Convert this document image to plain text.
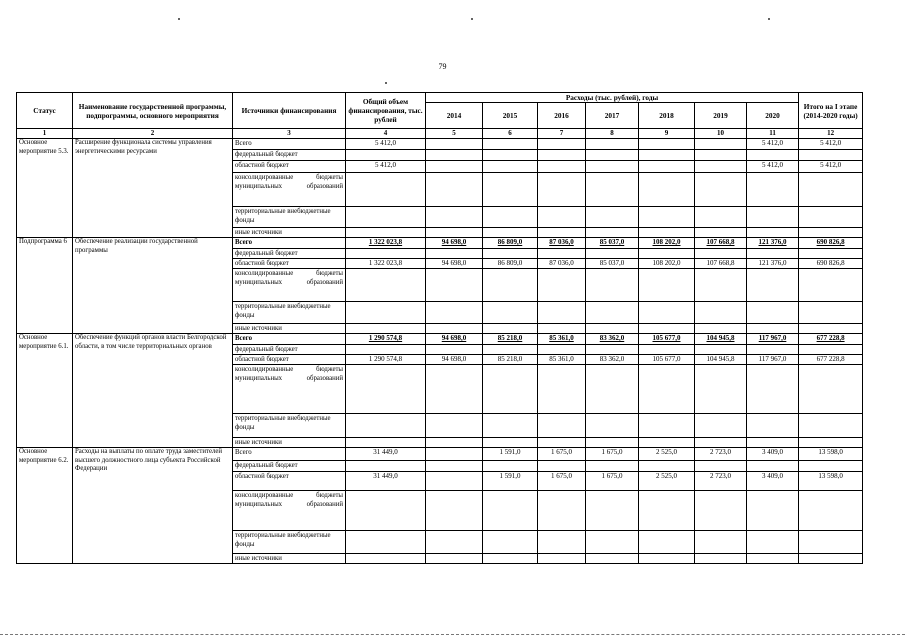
79
Статус	Наименование государственной программы, подпрограммы, основного мероприятия	Источники финансирования	Общий объем финансирования, тыс. рублей	Расходы (тыс. рублей), годы							Итого на I этапе (2014-2020 годы)
				2014	2015	2016	2017	2018	2019	2020	
1	2	3	4	5	6	7	8	9	10	11	12
Основное мероприятие 5.3.	Расширение функционала системы управления энергетическими ресурсами	Всего	5 412,0							5 412,0	5 412,0
		федеральный бюджет									
		областной бюджет	5 412,0							5 412,0	5 412,0
		консолидированные бюджеты муниципальных образований									
		территориальные внебюджетные фонды									
		иные источники									
Подпрограмма 6	Обеспечение реализации государственной программы	Всего	1 322 023,8	94 698,0	86 809,0	87 036,0	85 037,0	108 202,0	107 668,8	121 376,0	690 826,8
		федеральный бюджет									
		областной бюджет	1 322 023,8	94 698,0	86 809,0	87 036,0	85 037,0	108 202,0	107 668,8	121 376,0	690 826,8
		консолидированные бюджеты муниципальных образований									
		территориальные внебюджетные фонды									
		иные источники									
Основное мероприятие 6.1.	Обеспечение функций органов власти Белгородской области, в том числе территориальных органов	Всего	1 290 574,8	94 698,0	85 218,0	85 361,0	83 362,0	105 677,0	104 945,8	117 967,0	677 228,8
		федеральный бюджет									
		областной бюджет	1 290 574,8	94 698,0	85 218,0	85 361,0	83 362,0	105 677,0	104 945,8	117 967,0	677 228,8
		консолидированные бюджеты муниципальных образований									
		территориальные внебюджетные фонды									
		иные источники									
Основное мероприятие 6.2.	Расходы на выплаты по оплате труда заместителей высшего должностного лица субъекта Российской Федерации	Всего	31 449,0		1 591,0	1 675,0	1 675,0	2 525,0	2 723,0	3 409,0	13 598,0
		федеральный бюджет									
		областной бюджет	31 449,0		1 591,0	1 675,0	1 675,0	2 525,0	2 723,0	3 409,0	13 598,0
		консолидированные бюджеты муниципальных образований									
		территориальные внебюджетные фонды									
		иные источники									
